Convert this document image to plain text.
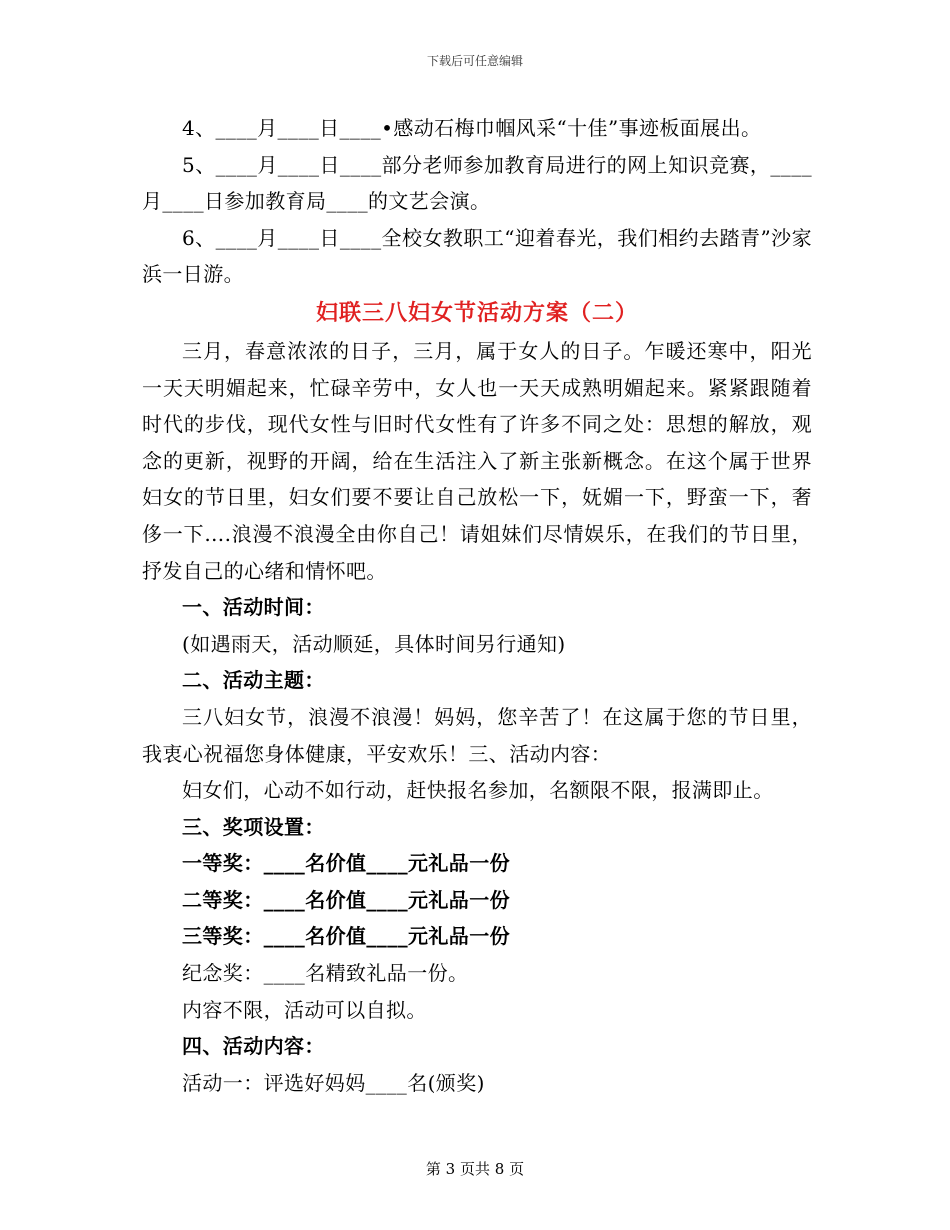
下载后可任意编辑

4、____月____日____•感动石梅巾帼风采“十佳”事迹板面展出。

5、____月____日____部分老师参加教育局进行的网上知识竞赛，____月____日参加教育局____的文艺会演。

6、____月____日____全校女教职工“迎着春光，我们相约去踏青”沙家浜一日游。

妇联三八妇女节活动方案（二）

三月，春意浓浓的日子，三月，属于女人的日子。乍暖还寒中，阳光一天天明媚起来，忙碌辛劳中，女人也一天天成熟明媚起来。紧紧跟随着时代的步伐，现代女性与旧时代女性有了许多不同之处：思想的解放，观念的更新，视野的开阔，给在生活注入了新主张新概念。在这个属于世界妇女的节日里，妇女们要不要让自己放松一下，妩媚一下，野蛮一下，奢侈一下….浪漫不浪漫全由你自己！请姐妹们尽情娱乐，在我们的节日里，抒发自己的心绪和情怀吧。

一、活动时间：

(如遇雨天，活动顺延，具体时间另行通知)

二、活动主题：

三八妇女节，浪漫不浪漫！妈妈，您辛苦了！在这属于您的节日里，我衷心祝福您身体健康，平安欢乐！三、活动内容：

妇女们，心动不如行动，赶快报名参加，名额限不限，报满即止。

三、奖项设置：

一等奖：____名价值____元礼品一份

二等奖：____名价值____元礼品一份

三等奖：____名价值____元礼品一份

纪念奖：____名精致礼品一份。

内容不限，活动可以自拟。

四、活动内容：

活动一：评选好妈妈____名(颁奖)

第 3 页共 8 页
